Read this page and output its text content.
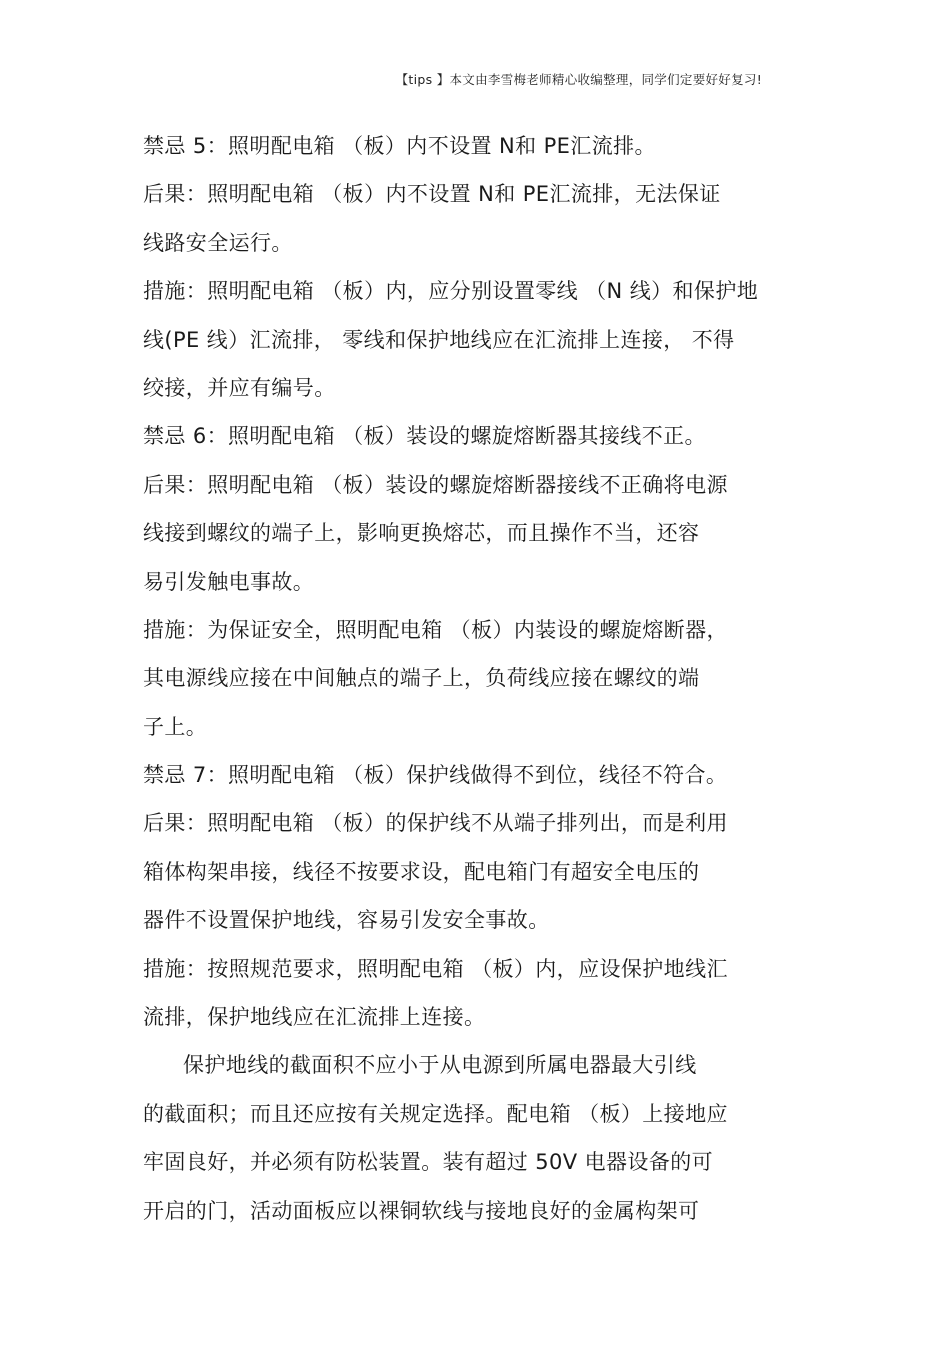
【tips 】本文由李雪梅老师精心收编整理，同学们定要好好复习!
禁忌 5：照明配电箱 （板）内不设置 N和 PE汇流排。
后果：照明配电箱 （板）内不设置 N和 PE汇流排，无法保证
线路安全运行。
措施：照明配电箱 （板）内，应分别设置零线 （N 线）和保护地
线(PE 线）汇流排， 零线和保护地线应在汇流排上连接， 不得
绞接，并应有编号。
禁忌 6：照明配电箱 （板）装设的螺旋熔断器其接线不正。
后果：照明配电箱 （板）装设的螺旋熔断器接线不正确将电源
线接到螺纹的端子上，影响更换熔芯，而且操作不当，还容
易引发触电事故。
措施：为保证安全，照明配电箱 （板）内装设的螺旋熔断器，
其电源线应接在中间触点的端子上，负荷线应接在螺纹的端
子上。
禁忌 7：照明配电箱 （板）保护线做得不到位，线径不符合。
后果：照明配电箱 （板）的保护线不从端子排列出，而是利用
箱体构架串接，线径不按要求设，配电箱门有超安全电压的
器件不设置保护地线，容易引发安全事故。
措施：按照规范要求，照明配电箱 （板）内，应设保护地线汇
流排，保护地线应在汇流排上连接。
保护地线的截面积不应小于从电源到所属电器最大引线
的截面积；而且还应按有关规定选择。配电箱 （板）上接地应
牢固良好，并必须有防松装置。装有超过 50V 电器设备的可
开启的门，活动面板应以裸铜软线与接地良好的金属构架可
